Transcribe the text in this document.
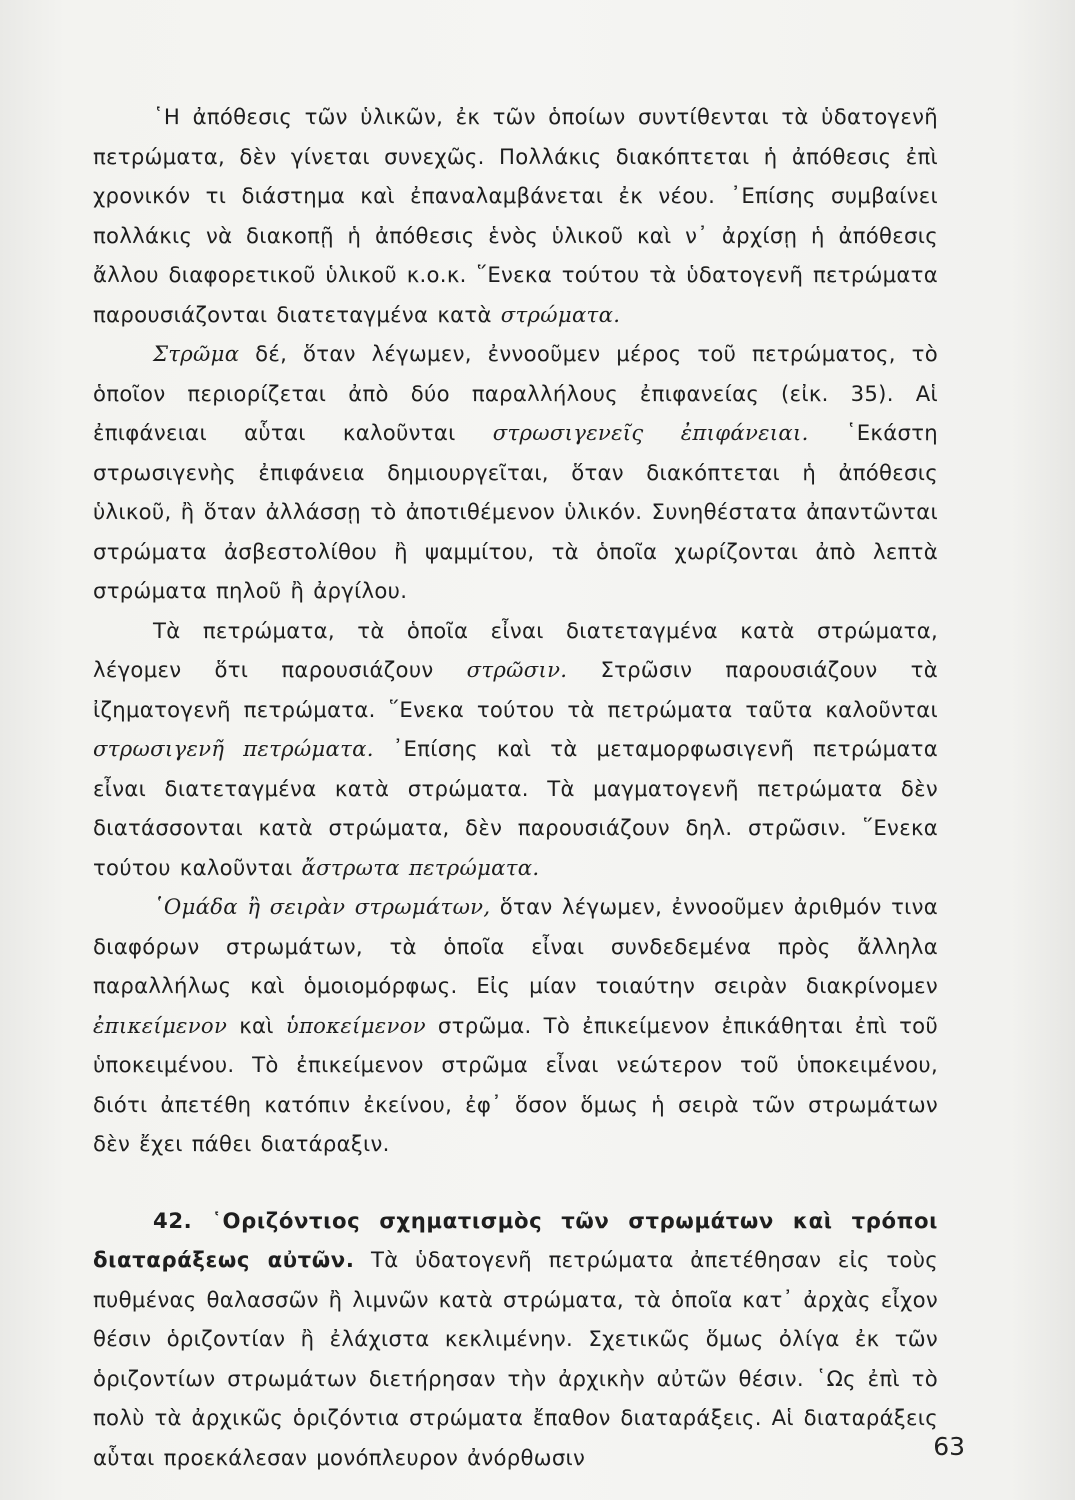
῾Η ἀπόθεσις τῶν ὑλικῶν, ἐκ τῶν ὁποίων συντίθενται τὰ ὑδατογενῆ πετρώματα, δὲν γίνεται συνεχῶς. Πολλάκις διακόπτεται ἡ ἀπόθεσις ἐπὶ χρονικόν τι διάστημα καὶ ἐπαναλαμβάνεται ἐκ νέου. ᾿Επίσης συμβαίνει πολλάκις νὰ διακοπῇ ἡ ἀπόθεσις ἑνὸς ὑλικοῦ καὶ ν᾿ ἀρχίσῃ ἡ ἀπόθεσις ἄλλου διαφορετικοῦ ὑλικοῦ κ.ο.κ. ῞Ενεκα τούτου τὰ ὑδατογενῆ πετρώματα παρουσιάζονται διατεταγμένα κατὰ στρώματα.

Στρῶμα δέ, ὅταν λέγωμεν, ἐννοοῦμεν μέρος τοῦ πετρώματος, τὸ ὁποῖον περιορίζεται ἀπὸ δύο παραλλήλους ἐπιφανείας (εἰκ. 35). Αἱ ἐπιφάνειαι αὗται καλοῦνται στρωσιγενεῖς ἐπιφάνειαι. ῾Εκάστη στρωσιγενὴς ἐπιφάνεια δημιουργεῖται, ὅταν διακόπτεται ἡ ἀπόθεσις ὑλικοῦ, ἢ ὅταν ἀλλάσσῃ τὸ ἀποτιθέμενον ὑλικόν. Συνηθέστατα ἀπαντῶνται στρώματα ἀσβεστολίθου ἢ ψαμμίτου, τὰ ὁποῖα χωρίζονται ἀπὸ λεπτὰ στρώματα πηλοῦ ἢ ἀργίλου.

Τὰ πετρώματα, τὰ ὁποῖα εἶναι διατεταγμένα κατὰ στρώματα, λέγομεν ὅτι παρουσιάζουν στρῶσιν. Στρῶσιν παρουσιάζουν τὰ ἰζηματογενῆ πετρώματα. ῞Ενεκα τούτου τὰ πετρώματα ταῦτα καλοῦνται στρωσιγενῆ πετρώματα. ᾿Επίσης καὶ τὰ μεταμορφωσιγενῆ πετρώματα εἶναι διατεταγμένα κατὰ στρώματα. Τὰ μαγματογενῆ πετρώματα δὲν διατάσσονται κατὰ στρώματα, δὲν παρουσιάζουν δηλ. στρῶσιν. ῞Ενεκα τούτου καλοῦνται ἄστρωτα πετρώματα.

῾Ομάδα ἢ σειρὰν στρωμάτων, ὅταν λέγωμεν, ἐννοοῦμεν ἀριθμόν τινα διαφόρων στρωμάτων, τὰ ὁποῖα εἶναι συνδεδεμένα πρὸς ἄλληλα παραλλήλως καὶ ὁμοιομόρφως. Εἰς μίαν τοιαύτην σειρὰν διακρίνομεν ἐπικείμενον καὶ ὑποκείμενον στρῶμα. Τὸ ἐπικείμενον ἐπικάθηται ἐπὶ τοῦ ὑποκειμένου. Τὸ ἐπικείμενον στρῶμα εἶναι νεώτερον τοῦ ὑποκειμένου, διότι ἀπετέθη κατόπιν ἐκείνου, ἐφ᾿ ὅσον ὅμως ἡ σειρὰ τῶν στρωμάτων δὲν ἔχει πάθει διατάραξιν.

42. ῾Οριζόντιος σχηματισμὸς τῶν στρωμάτων καὶ τρόποι διαταράξεως αὐτῶν. Τὰ ὑδατογενῆ πετρώματα ἀπετέθησαν εἰς τοὺς πυθμένας θαλασσῶν ἢ λιμνῶν κατὰ στρώματα, τὰ ὁποῖα κατ᾿ ἀρχὰς εἶχον θέσιν ὁριζοντίαν ἢ ἐλάχιστα κεκλιμένην. Σχετικῶς ὅμως ὀλίγα ἐκ τῶν ὁριζοντίων στρωμάτων διετήρησαν τὴν ἀρχικὴν αὐτῶν θέσιν. ῾Ως ἐπὶ τὸ πολὺ τὰ ἀρχικῶς ὁριζόντια στρώματα ἔπαθον διαταράξεις. Αἱ διαταράξεις αὗται προεκάλεσαν μονόπλευρον ἀνόρθωσιν	63
